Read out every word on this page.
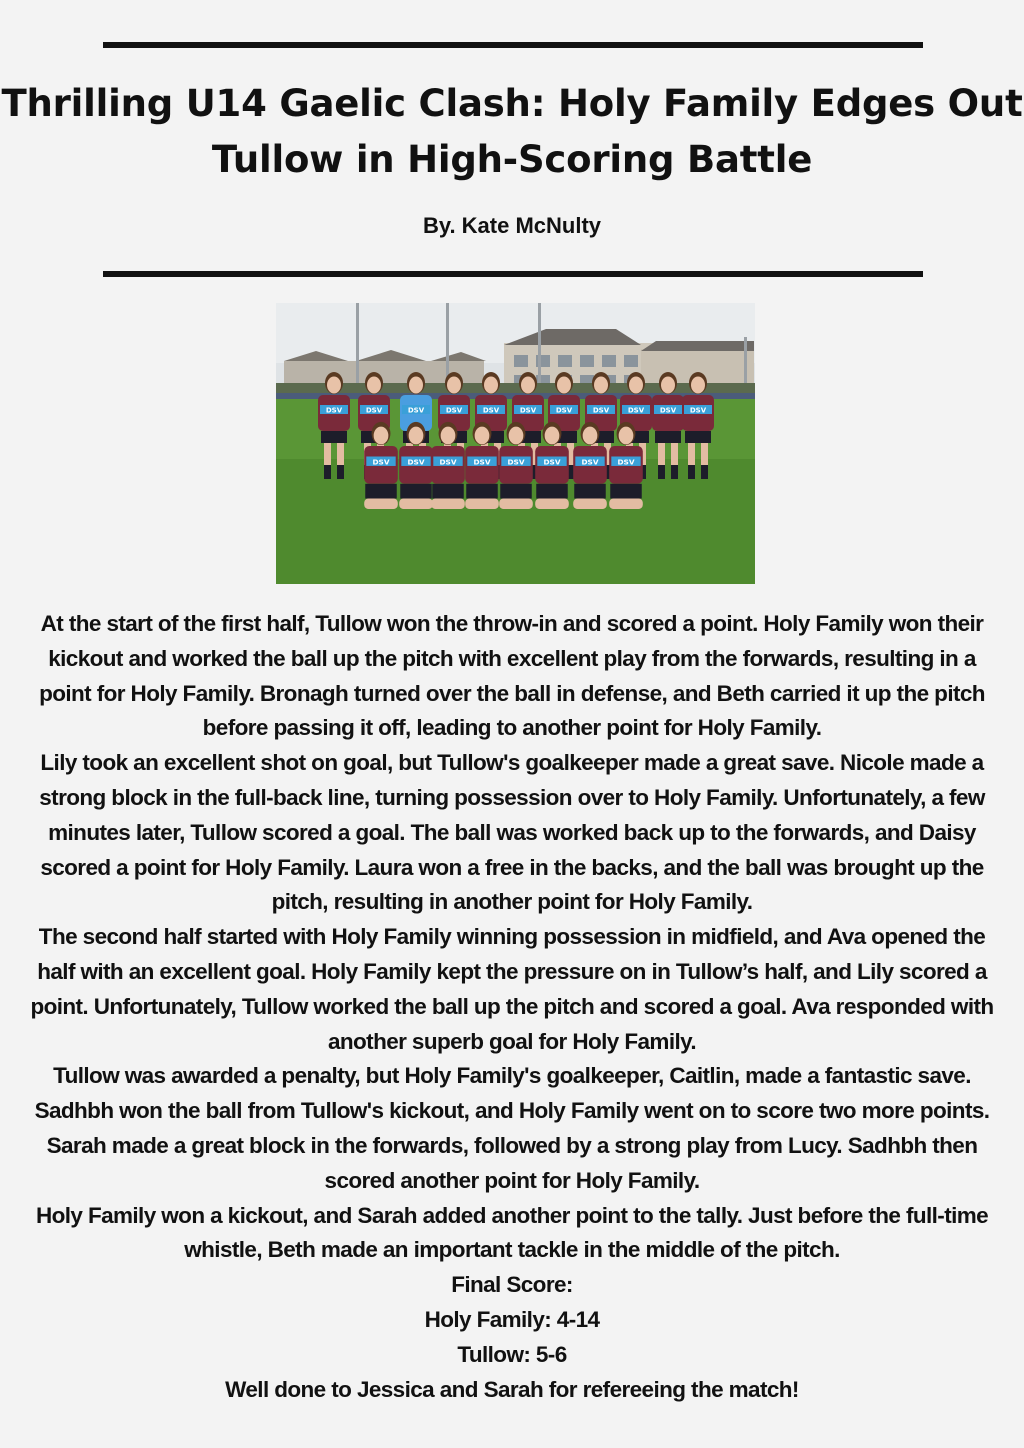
Thrilling U14 Gaelic Clash: Holy Family Edges Out
Tullow in High-Scoring Battle
By. Kate McNulty
DSV	DSV	DSV	DSV	DSV	DSV	DSV	DSV	DSV DSV DSV
DSV DSV DSV DSV DSV	DSV	DSV	DSV

At the start of the first half, Tullow won the throw-in and scored a point. Holy Family won their kickout and worked the ball up the pitch with excellent play from the forwards, resulting in a point for Holy Family. Bronagh turned over the ball in defense, and Beth carried it up the pitch before passing it off, leading to another point for Holy Family.

Lily took an excellent shot on goal, but Tullow's goalkeeper made a great save. Nicole made a strong block in the full-back line, turning possession over to Holy Family. Unfortunately, a few minutes later, Tullow scored a goal. The ball was worked back up to the forwards, and Daisy scored a point for Holy Family. Laura won a free in the backs, and the ball was brought up the pitch, resulting in another point for Holy Family.

The second half started with Holy Family winning possession in midfield, and Ava opened the half with an excellent goal. Holy Family kept the pressure on in Tullow’s half, and Lily scored a point. Unfortunately, Tullow worked the ball up the pitch and scored a goal. Ava responded with another superb goal for Holy Family.

Tullow was awarded a penalty, but Holy Family's goalkeeper, Caitlin, made a fantastic save. Sadhbh won the ball from Tullow's kickout, and Holy Family went on to score two more points. Sarah made a great block in the forwards, followed by a strong play from Lucy. Sadhbh then scored another point for Holy Family.

Holy Family won a kickout, and Sarah added another point to the tally. Just before the full-time whistle, Beth made an important tackle in the middle of the pitch.

Final Score:

Holy Family: 4-14

Tullow: 5-6

Well done to Jessica and Sarah for refereeing the match!
